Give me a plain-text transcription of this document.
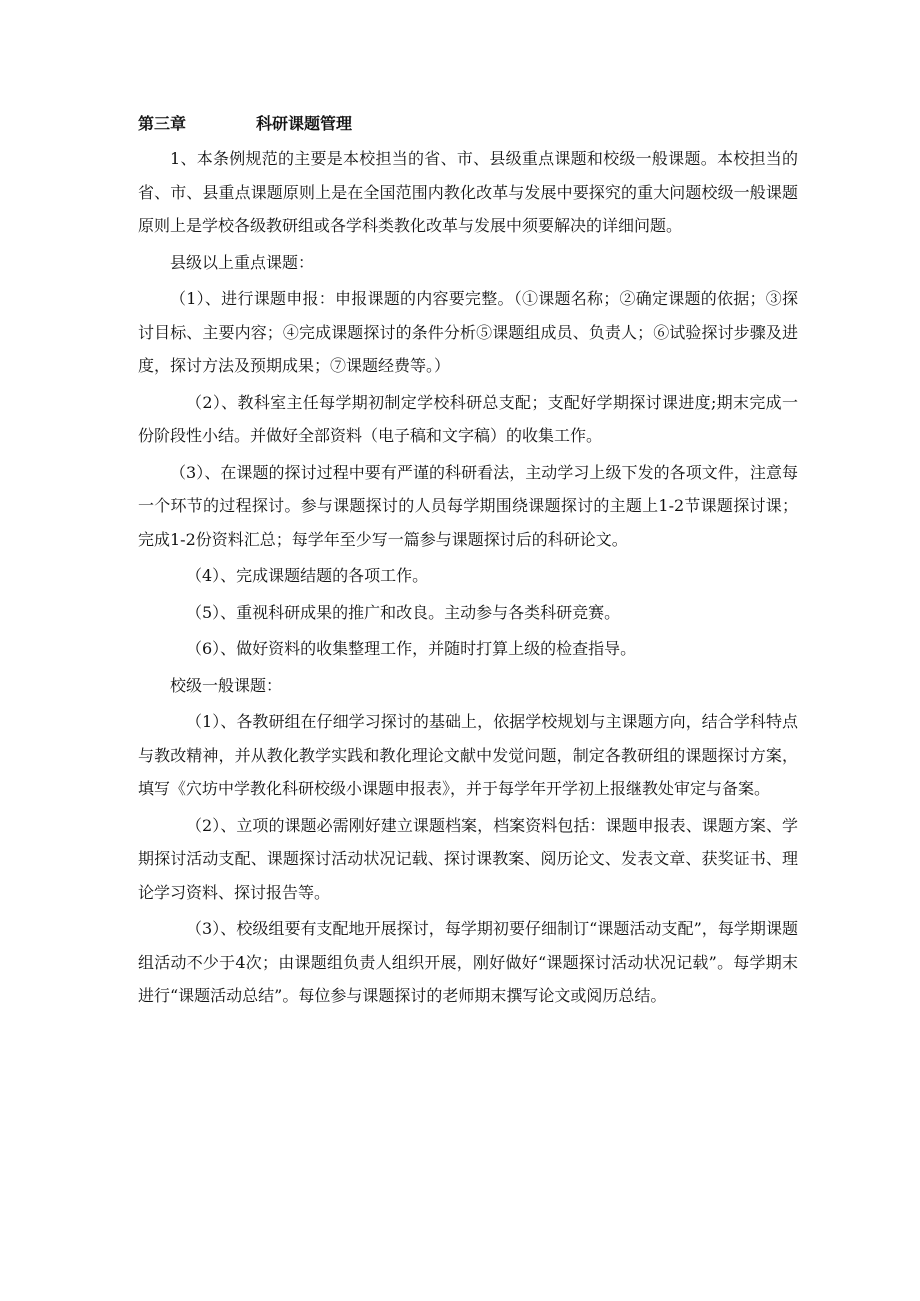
第三章	科研课题管理

1、本条例规范的主要是本校担当的省、市、县级重点课题和校级一般课题。本校担当的省、市、县重点课题原则上是在全国范围内教化改革与发展中要探究的重大问题校级一般课题原则上是学校各级教研组或各学科类教化改革与发展中须要解决的详细问题。

县级以上重点课题：

（1）、进行课题申报：申报课题的内容要完整。（①课题名称；②确定课题的依据；③探讨目标、主要内容；④完成课题探讨的条件分析⑤课题组成员、负责人；⑥试验探讨步骤及进度，探讨方法及预期成果；⑦课题经费等。）

（2）、教科室主任每学期初制定学校科研总支配；支配好学期探讨课进度;期末完成一份阶段性小结。并做好全部资料（电子稿和文字稿）的收集工作。

（3）、在课题的探讨过程中要有严谨的科研看法，主动学习上级下发的各项文件，注意每一个环节的过程探讨。参与课题探讨的人员每学期围绕课题探讨的主题上1-2节课题探讨课；完成1-2份资料汇总；每学年至少写一篇参与课题探讨后的科研论文。

（4）、完成课题结题的各项工作。

（5）、重视科研成果的推广和改良。主动参与各类科研竞赛。

（6）、做好资料的收集整理工作，并随时打算上级的检查指导。

校级一般课题：

（1）、各教研组在仔细学习探讨的基础上，依据学校规划与主课题方向，结合学科特点与教改精神，并从教化教学实践和教化理论文献中发觉问题，制定各教研组的课题探讨方案，填写《穴坊中学教化科研校级小课题申报表》，并于每学年开学初上报继教处审定与备案。

（2）、立项的课题必需刚好建立课题档案，档案资料包括：课题申报表、课题方案、学期探讨活动支配、课题探讨活动状况记载、探讨课教案、阅历论文、发表文章、获奖证书、理论学习资料、探讨报告等。

（3）、校级组要有支配地开展探讨，每学期初要仔细制订“课题活动支配”，每学期课题组活动不少于4次；由课题组负责人组织开展，刚好做好“课题探讨活动状况记载”。每学期末进行“课题活动总结”。每位参与课题探讨的老师期末撰写论文或阅历总结。
